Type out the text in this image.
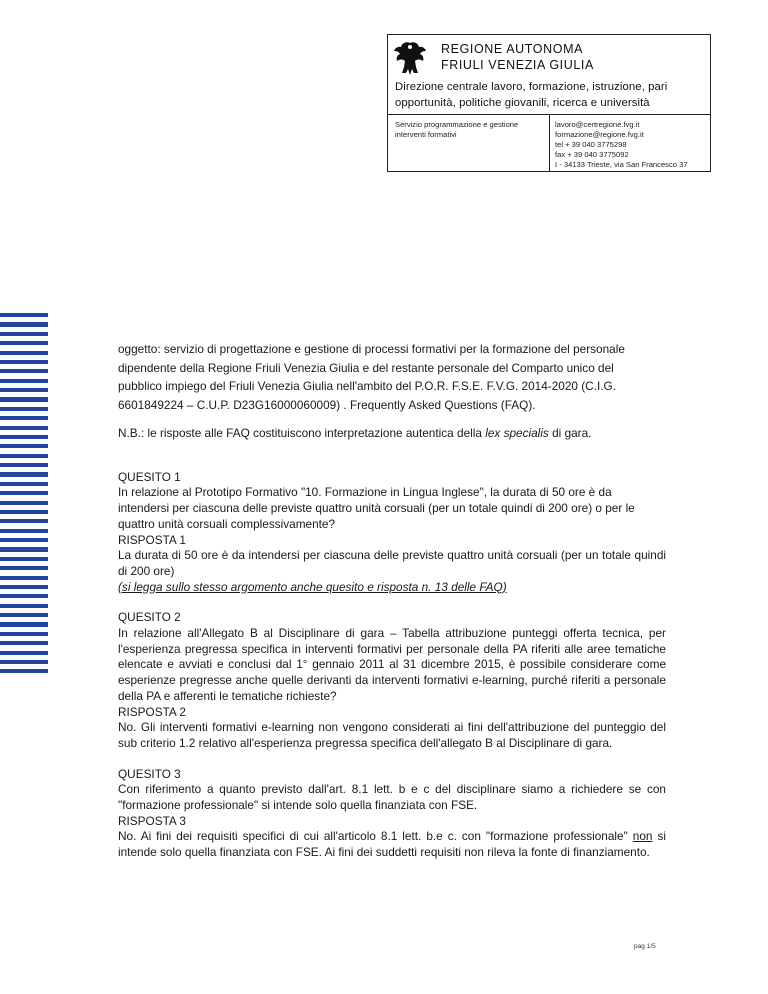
REGIONE AUTONOMA
FRIULI VENEZIA GIULIA
Direzione centrale lavoro, formazione, istruzione, pari
opportunità, politiche giovanili, ricerca e università
Servizio programmazione e gestione
interventi formativi
lavoro@certregione.fvg.it
formazione@regione.fvg.it
tel + 39 040 3775298
fax + 39 040 3775092
I - 34133 Trieste, via San Francesco 37
oggetto: servizio di progettazione e gestione di processi formativi per la formazione del personale
dipendente della Regione Friuli Venezia Giulia e del restante personale del Comparto unico del
pubblico impiego del Friuli Venezia Giulia nell'ambito del P.O.R. F.S.E. F.V.G. 2014-2020 (C.I.G.
6601849224 – C.U.P. D23G16000060009) . Frequently Asked Questions (FAQ).
N.B.: le risposte alle FAQ costituiscono interpretazione autentica della lex specialis di gara.
QUESITO 1
In relazione al Prototipo Formativo "10. Formazione in Lingua Inglese", la durata di 50 ore è da intendersi per ciascuna delle previste quattro unità corsuali (per un totale quindi di 200 ore) o per le quattro unità corsuali complessivamente?
RISPOSTA 1
La durata di 50 ore è da intendersi per ciascuna delle previste quattro unità corsuali (per un totale quindi di 200 ore)
(si legga sullo stesso argomento anche quesito e risposta n. 13 delle FAQ)
QUESITO 2
In relazione all'Allegato B al Disciplinare di gara – Tabella attribuzione punteggi offerta tecnica, per l'esperienza pregressa specifica in interventi formativi per personale della PA riferiti alle aree tematiche elencate e avviati e conclusi dal 1° gennaio 2011 al 31 dicembre 2015, è possibile considerare come esperienze pregresse anche quelle derivanti da interventi formativi e-learning, purché riferiti a personale della PA e afferenti le tematiche richieste?
RISPOSTA 2
No. Gli interventi formativi e-learning non vengono considerati ai fini dell'attribuzione del punteggio del sub criterio 1.2 relativo all'esperienza pregressa specifica dell'allegato B al Disciplinare di gara.
QUESITO 3
Con riferimento a quanto previsto dall'art. 8.1 lett. b e c del disciplinare siamo a richiedere se con "formazione professionale" si intende solo quella finanziata con FSE.
RISPOSTA 3
No. Ai fini dei requisiti specifici di cui all'articolo 8.1 lett. b.e c. con "formazione professionale" non si intende solo quella finanziata con FSE. Ai fini dei suddetti requisiti non rileva la fonte di finanziamento.
pag 1/5
